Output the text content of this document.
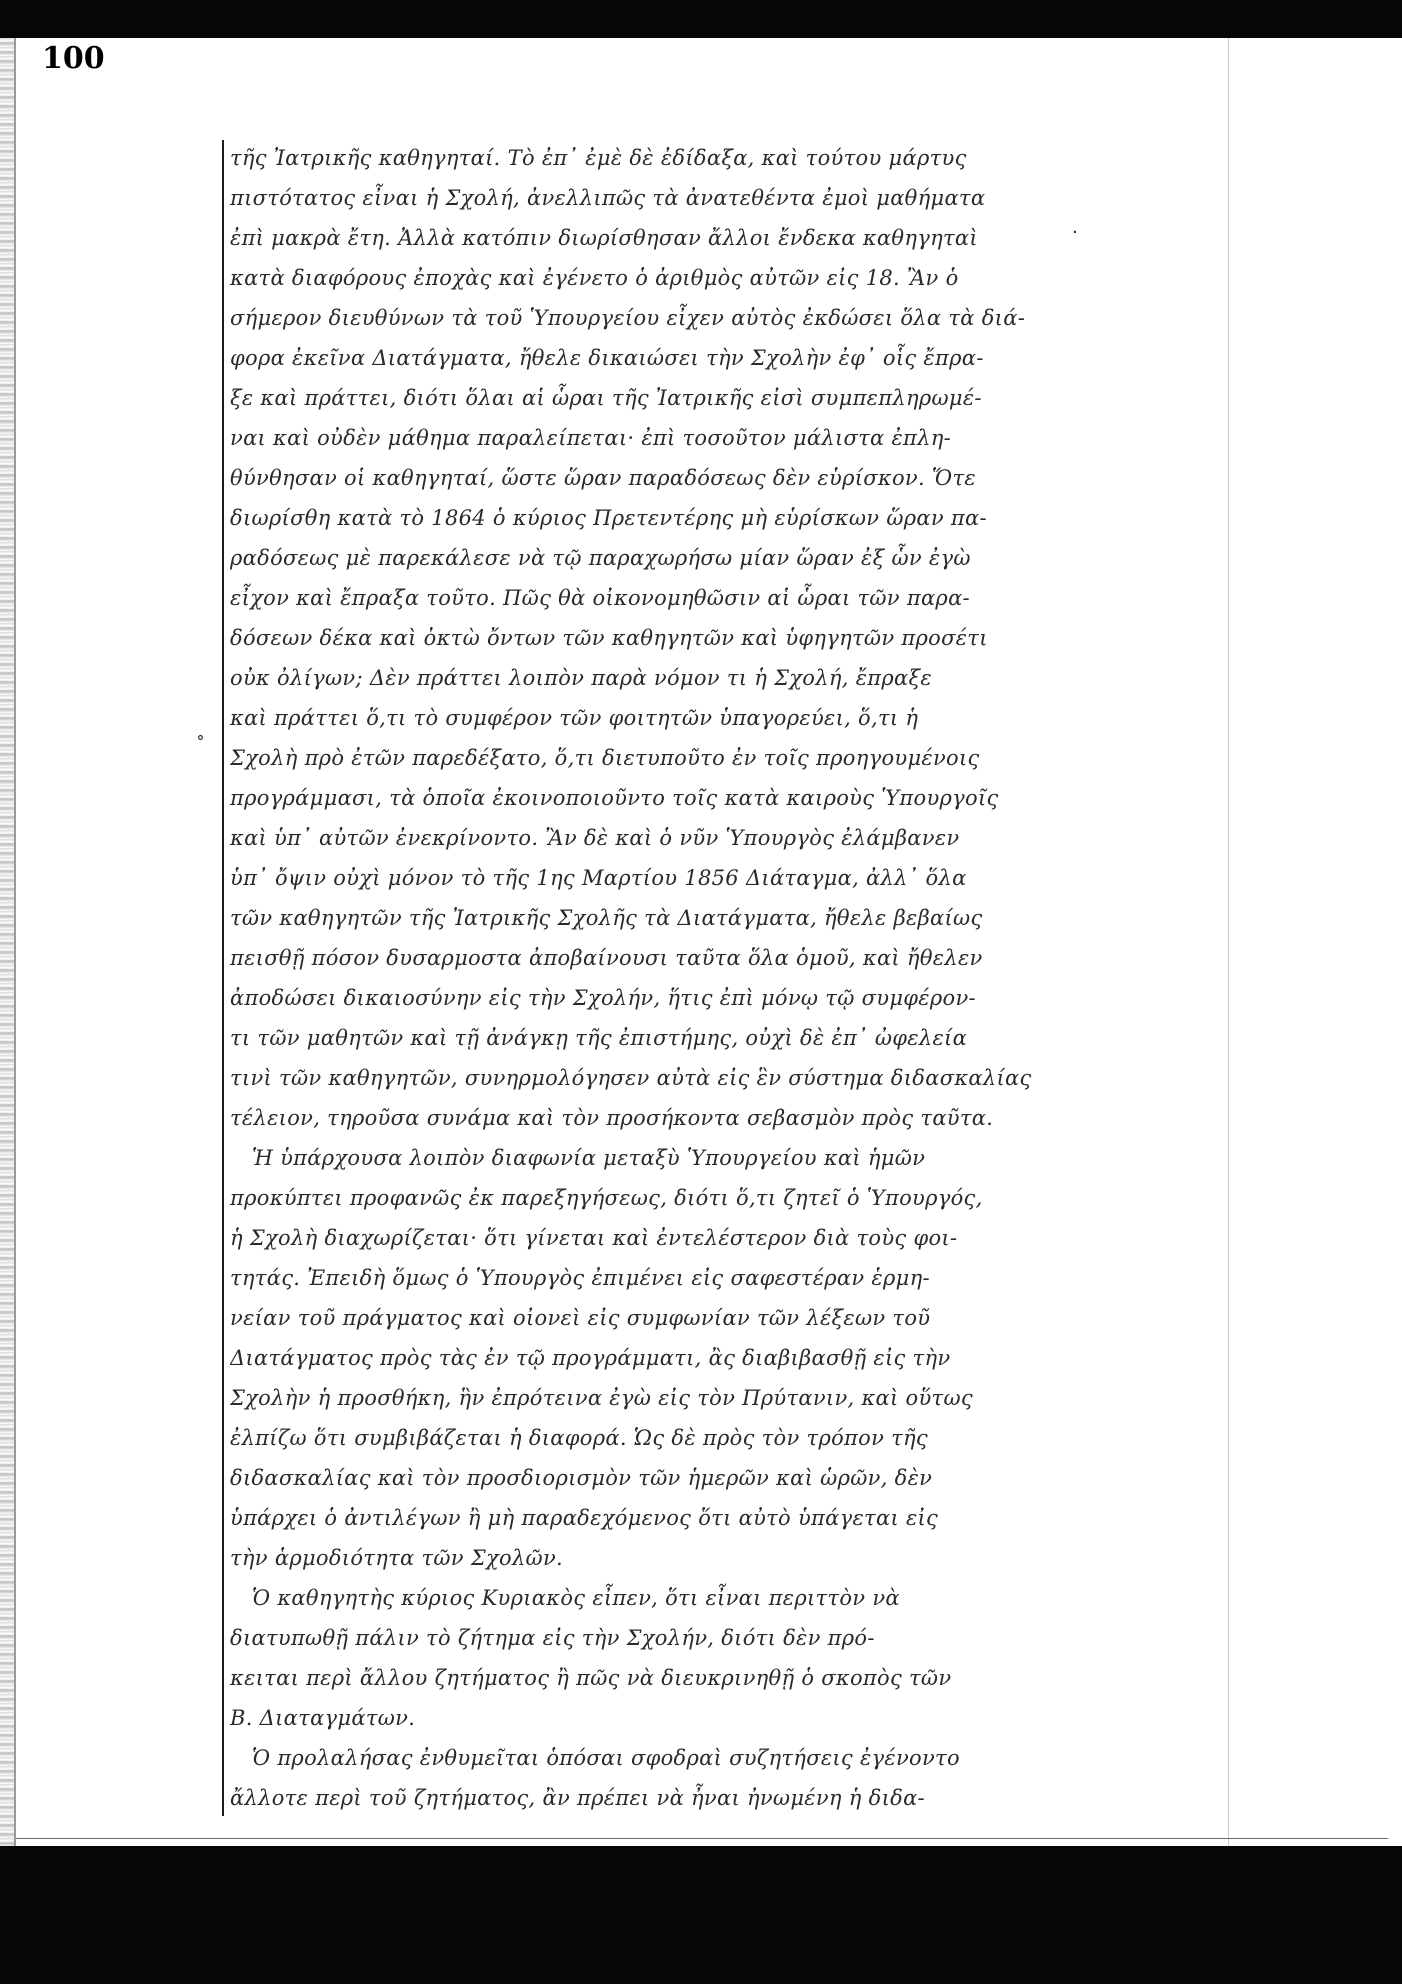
100
τῆς Ἰατρικῆς καθηγηταί. Τὸ ἐπ᾽ ἐμὲ δὲ ἐδίδαξα, καὶ τούτου μάρτυς
πιστότατος εἶναι ἡ Σχολή, ἀνελλιπῶς τὰ ἀνατεθέντα ἐμοὶ μαθήματα
ἐπὶ μακρὰ ἔτη. Ἀλλὰ κατόπιν διωρίσθησαν ἄλλοι ἔνδεκα καθηγηταὶ
κατὰ διαφόρους ἐποχὰς καὶ ἐγένετο ὁ ἀριθμὸς αὐτῶν εἰς 18. Ἂν ὁ
σήμερον διευθύνων τὰ τοῦ Ὑπουργείου εἶχεν αὐτὸς ἐκδώσει ὅλα τὰ διά-
φορα ἐκεῖνα Διατάγματα, ἤθελε δικαιώσει τὴν Σχολὴν ἐφ᾽ οἷς ἔπρα-
ξε καὶ πράττει, διότι ὅλαι αἱ ὧραι τῆς Ἰατρικῆς εἰσὶ συμπεπληρωμέ-
ναι καὶ οὐδὲν μάθημα παραλείπεται· ἐπὶ τοσοῦτον μάλιστα ἐπλη-
θύνθησαν οἱ καθηγηταί, ὥστε ὥραν παραδόσεως δὲν εὑρίσκον. Ὅτε
διωρίσθη κατὰ τὸ 1864 ὁ κύριος Πρετεντέρης μὴ εὑρίσκων ὥραν πα-
ραδόσεως μὲ παρεκάλεσε νὰ τῷ παραχωρήσω μίαν ὥραν ἐξ ὧν ἐγὼ
εἶχον καὶ ἔπραξα τοῦτο. Πῶς θὰ οἰκονομηθῶσιν αἱ ὧραι τῶν παρα-
δόσεων δέκα καὶ ὀκτὼ ὄντων τῶν καθηγητῶν καὶ ὑφηγητῶν προσέτι
οὐκ ὀλίγων; Δὲν πράττει λοιπὸν παρὰ νόμον τι ἡ Σχολή, ἔπραξε
καὶ πράττει ὅ,τι τὸ συμφέρον τῶν φοιτητῶν ὑπαγορεύει, ὅ,τι ἡ
Σχολὴ πρὸ ἐτῶν παρεδέξατο, ὅ,τι διετυποῦτο ἐν τοῖς προηγουμένοις
προγράμμασι, τὰ ὁποῖα ἐκοινοποιοῦντο τοῖς κατὰ καιροὺς Ὑπουργοῖς
καὶ ὑπ᾽ αὐτῶν ἐνεκρίνοντο. Ἂν δὲ καὶ ὁ νῦν Ὑπουργὸς ἐλάμβανεν
ὑπ᾽ ὄψιν οὐχὶ μόνον τὸ τῆς 1ης Μαρτίου 1856 Διάταγμα, ἀλλ᾽ ὅλα
τῶν καθηγητῶν τῆς Ἰατρικῆς Σχολῆς τὰ Διατάγματα, ἤθελε βεβαίως
πεισθῇ πόσον δυσαρμοστα ἀποβαίνουσι ταῦτα ὅλα ὁμοῦ, καὶ ἤθελεν
ἀποδώσει δικαιοσύνην εἰς τὴν Σχολήν, ἥτις ἐπὶ μόνῳ τῷ συμφέρον-
τι τῶν μαθητῶν καὶ τῇ ἀνάγκῃ τῆς ἐπιστήμης, οὐχὶ δὲ ἐπ᾽ ὠφελεία
τινὶ τῶν καθηγητῶν, συνηρμολόγησεν αὐτὰ εἰς ἓν σύστημα διδασκαλίας
τέλειον, τηροῦσα συνάμα καὶ τὸν προσήκοντα σεβασμὸν πρὸς ταῦτα.
Ἡ ὑπάρχουσα λοιπὸν διαφωνία μεταξὺ Ὑπουργείου καὶ ἡμῶν
προκύπτει προφανῶς ἐκ παρεξηγήσεως, διότι ὅ,τι ζητεῖ ὁ Ὑπουργός,
ἡ Σχολὴ διαχωρίζεται· ὅτι γίνεται καὶ ἐντελέστερον διὰ τοὺς φοι-
τητάς. Ἐπειδὴ ὅμως ὁ Ὑπουργὸς ἐπιμένει εἰς σαφεστέραν ἑρμη-
νείαν τοῦ πράγματος καὶ οἰονεὶ εἰς συμφωνίαν τῶν λέξεων τοῦ
Διατάγματος πρὸς τὰς ἐν τῷ προγράμματι, ἂς διαβιβασθῇ εἰς τὴν
Σχολὴν ἡ προσθήκη, ἣν ἐπρότεινα ἐγὼ εἰς τὸν Πρύτανιν, καὶ οὕτως
ἐλπίζω ὅτι συμβιβάζεται ἡ διαφορά. Ὡς δὲ πρὸς τὸν τρόπον τῆς
διδασκαλίας καὶ τὸν προσδιορισμὸν τῶν ἡμερῶν καὶ ὡρῶν, δὲν
ὑπάρχει ὁ ἀντιλέγων ἢ μὴ παραδεχόμενος ὅτι αὐτὸ ὑπάγεται εἰς
τὴν ἁρμοδιότητα τῶν Σχολῶν.
Ὁ καθηγητὴς κύριος Κυριακὸς εἶπεν, ὅτι εἶναι περιττὸν νὰ
διατυπωθῇ πάλιν τὸ ζήτημα εἰς τὴν Σχολήν, διότι δὲν πρό-
κειται περὶ ἄλλου ζητήματος ἢ πῶς νὰ διευκρινηθῇ ὁ σκοπὸς τῶν
Β. Διαταγμάτων.
Ὁ προλαλήσας ἐνθυμεῖται ὁπόσαι σφοδραὶ συζητήσεις ἐγένοντο
ἄλλοτε περὶ τοῦ ζητήματος, ἂν πρέπει νὰ ἦναι ἠνωμένη ἡ διδα-
·
˚
